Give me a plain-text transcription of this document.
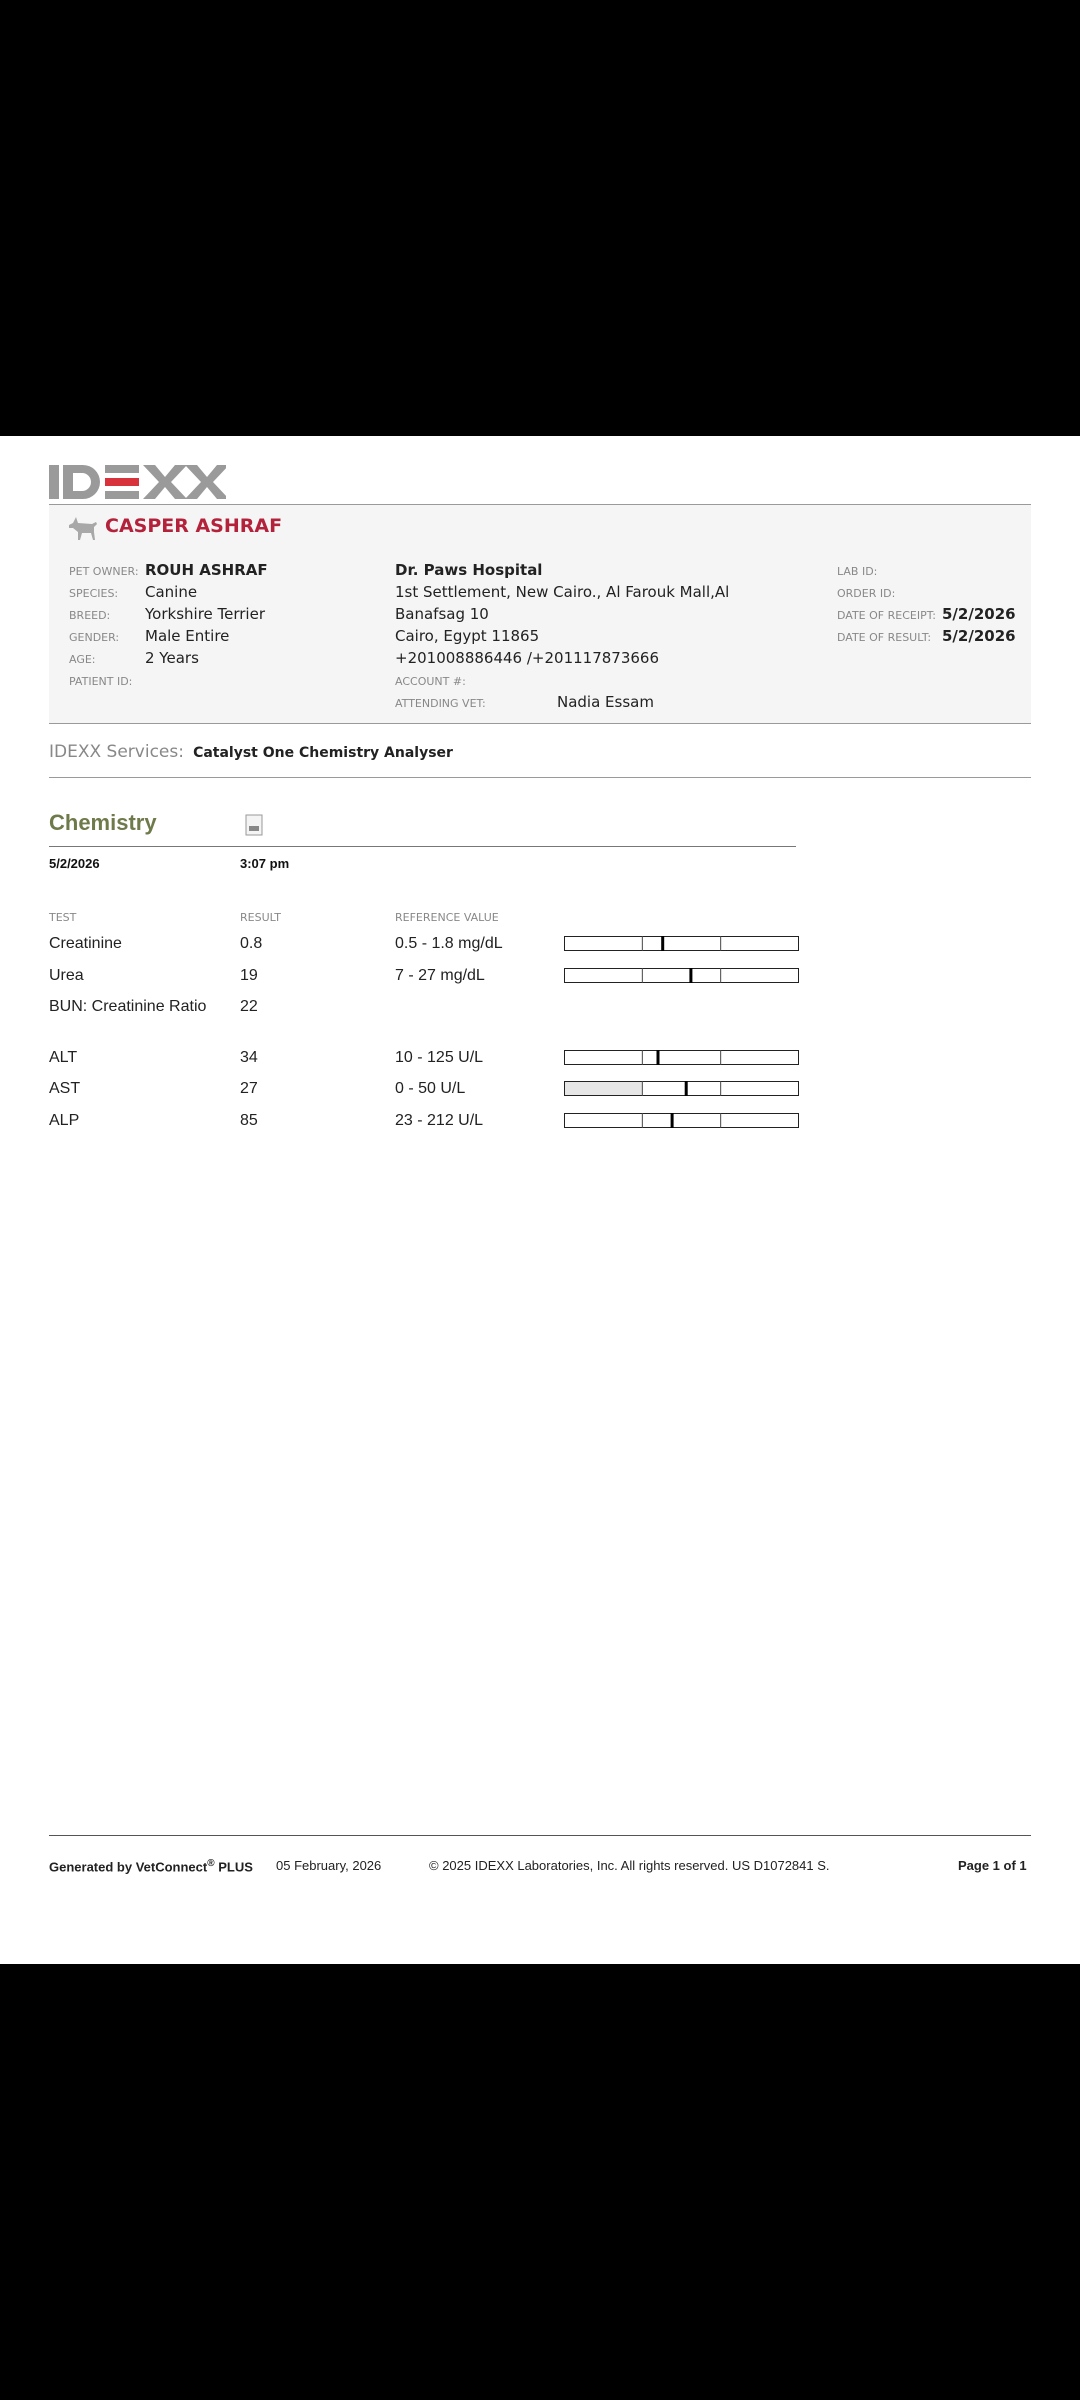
CASPER ASHRAF
PET OWNER: ROUH ASHRAF
SPECIES: Canine
BREED: Yorkshire Terrier
GENDER: Male Entire
AGE:	2 Years
PATIENT ID:
Dr. Paws Hospital
1st Settlement, New Cairo., Al Farouk Mall,Al
Banafsag 10
Cairo, Egypt 11865
+201008886446 /+201117873666
ACCOUNT #:
ATTENDING VET:	Nadia Essam
LAB ID:
ORDER ID:
DATE OF RECEIPT: 5/2/2026
DATE OF RESULT: 5/2/2026
IDEXX Services: Catalyst One Chemistry Analyser
Chemistry
5/2/2026	3:07 pm
TEST	RESULT	REFERENCE VALUE
Creatinine	0.8	0.5 - 1.8 mg/dL
Urea	19	7 - 27 mg/dL
BUN: Creatinine Ratio	22
ALT	34	10 - 125 U/L
AST	27	0 - 50 U/L
ALP	85	23 - 212 U/L
Generated by VetConnect® PLUS 05 February, 2026	© 2025 IDEXX Laboratories, Inc. All rights reserved. US D1072841 S.	Page 1 of 1
